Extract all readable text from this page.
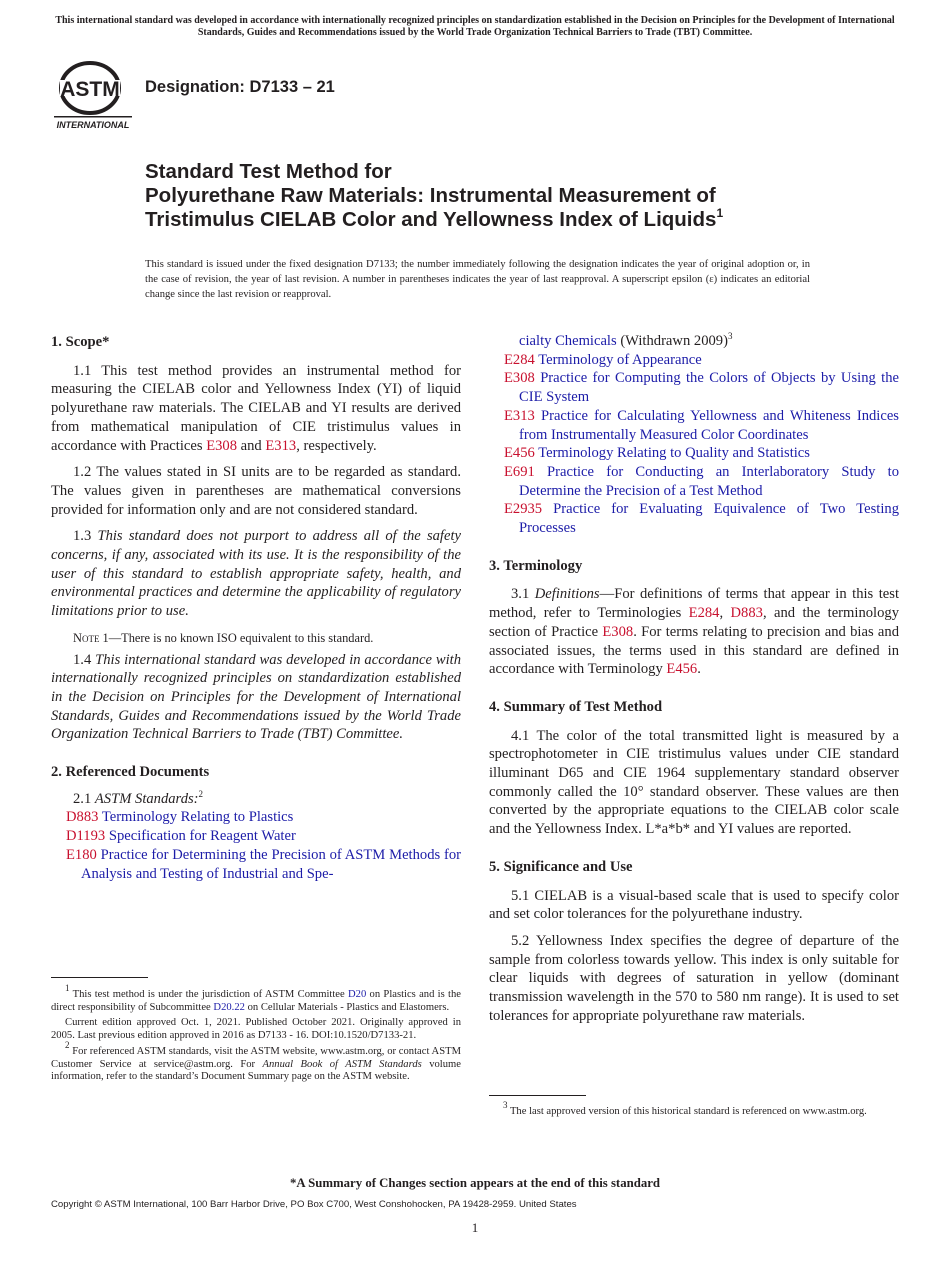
This international standard was developed in accordance with internationally recognized principles on standardization established in the Decision on Principles for the Development of International Standards, Guides and Recommendations issued by the World Trade Organization Technical Barriers to Trade (TBT) Committee.
ASTM
INTERNATIONAL
Designation: D7133 – 21
Standard Test Method for
Polyurethane Raw Materials: Instrumental Measurement of
Tristimulus CIELAB Color and Yellowness Index of Liquids$^1$
This standard is issued under the fixed designation D7133; the number immediately following the designation indicates the year of original adoption or, in the case of revision, the year of last revision. A number in parentheses indicates the year of last reapproval. A superscript epsilon (ε) indicates an editorial change since the last revision or reapproval.

1. Scope*

1.1 This test method provides an instrumental method for measuring the CIELAB color and Yellowness Index (YI) of liquid polyurethane raw materials. The CIELAB and YI results are derived from mathematical manipulation of CIE tristimulus values in accordance with Practices E308 and E313, respectively.

1.2 The values stated in SI units are to be regarded as standard. The values given in parentheses are mathematical conversions provided for information only and are not considered standard.

1.3 This standard does not purport to address all of the safety concerns, if any, associated with its use. It is the responsibility of the user of this standard to establish appropriate safety, health, and environmental practices and determine the applicability of regulatory limitations prior to use.

Note 1—There is no known ISO equivalent to this standard.

1.4 This international standard was developed in accordance with internationally recognized principles on standardization established in the Decision on Principles for the Development of International Standards, Guides and Recommendations issued by the World Trade Organization Technical Barriers to Trade (TBT) Committee.

2. Referenced Documents

2.1 ASTM Standards:$^2$

D883 Terminology Relating to Plastics

D1193 Specification for Reagent Water

E180 Practice for Determining the Precision of ASTM Methods for Analysis and Testing of Industrial and Spe-

$^1$ This test method is under the jurisdiction of ASTM Committee D20 on Plastics and is the direct responsibility of Subcommittee D20.22 on Cellular Materials - Plastics and Elastomers.

Current edition approved Oct. 1, 2021. Published October 2021. Originally approved in 2005. Last previous edition approved in 2016 as D7133 - 16. DOI:10.1520/D7133-21.

$^2$ For referenced ASTM standards, visit the ASTM website, www.astm.org, or contact ASTM Customer Service at service@astm.org. For Annual Book of ASTM Standards volume information, refer to the standard’s Document Summary page on the ASTM website.

cialty Chemicals (Withdrawn 2009)$^3$

E284 Terminology of Appearance

E308 Practice for Computing the Colors of Objects by Using the CIE System

E313 Practice for Calculating Yellowness and Whiteness Indices from Instrumentally Measured Color Coordinates

E456 Terminology Relating to Quality and Statistics

E691 Practice for Conducting an Interlaboratory Study to Determine the Precision of a Test Method

E2935 Practice for Evaluating Equivalence of Two Testing Processes

3. Terminology

3.1 Definitions—For definitions of terms that appear in this test method, refer to Terminologies E284, D883, and the terminology section of Practice E308. For terms relating to precision and bias and associated issues, the terms used in this standard are defined in accordance with Terminology E456.

4. Summary of Test Method

4.1 The color of the total transmitted light is measured by a spectrophotometer in CIE tristimulus values under CIE standard illuminant D65 and CIE 1964 supplementary standard observer commonly called the 10° standard observer. These values are then converted by the appropriate equations to the CIELAB color scale and the Yellowness Index. L*a*b* and YI values are reported.

5. Significance and Use

5.1 CIELAB is a visual-based scale that is used to specify color and set color tolerances for the polyurethane industry.

5.2 Yellowness Index specifies the degree of departure of the sample from colorless towards yellow. This index is only suitable for clear liquids with degrees of saturation in yellow (dominant transmission wavelength in the 570 to 580 nm range). It is used to set tolerances for appropriate polyurethane raw materials.

$^3$ The last approved version of this historical standard is referenced on www.astm.org.

*A Summary of Changes section appears at the end of this standard
Copyright © ASTM International, 100 Barr Harbor Drive, PO Box C700, West Conshohocken, PA 19428-2959. United States
1
